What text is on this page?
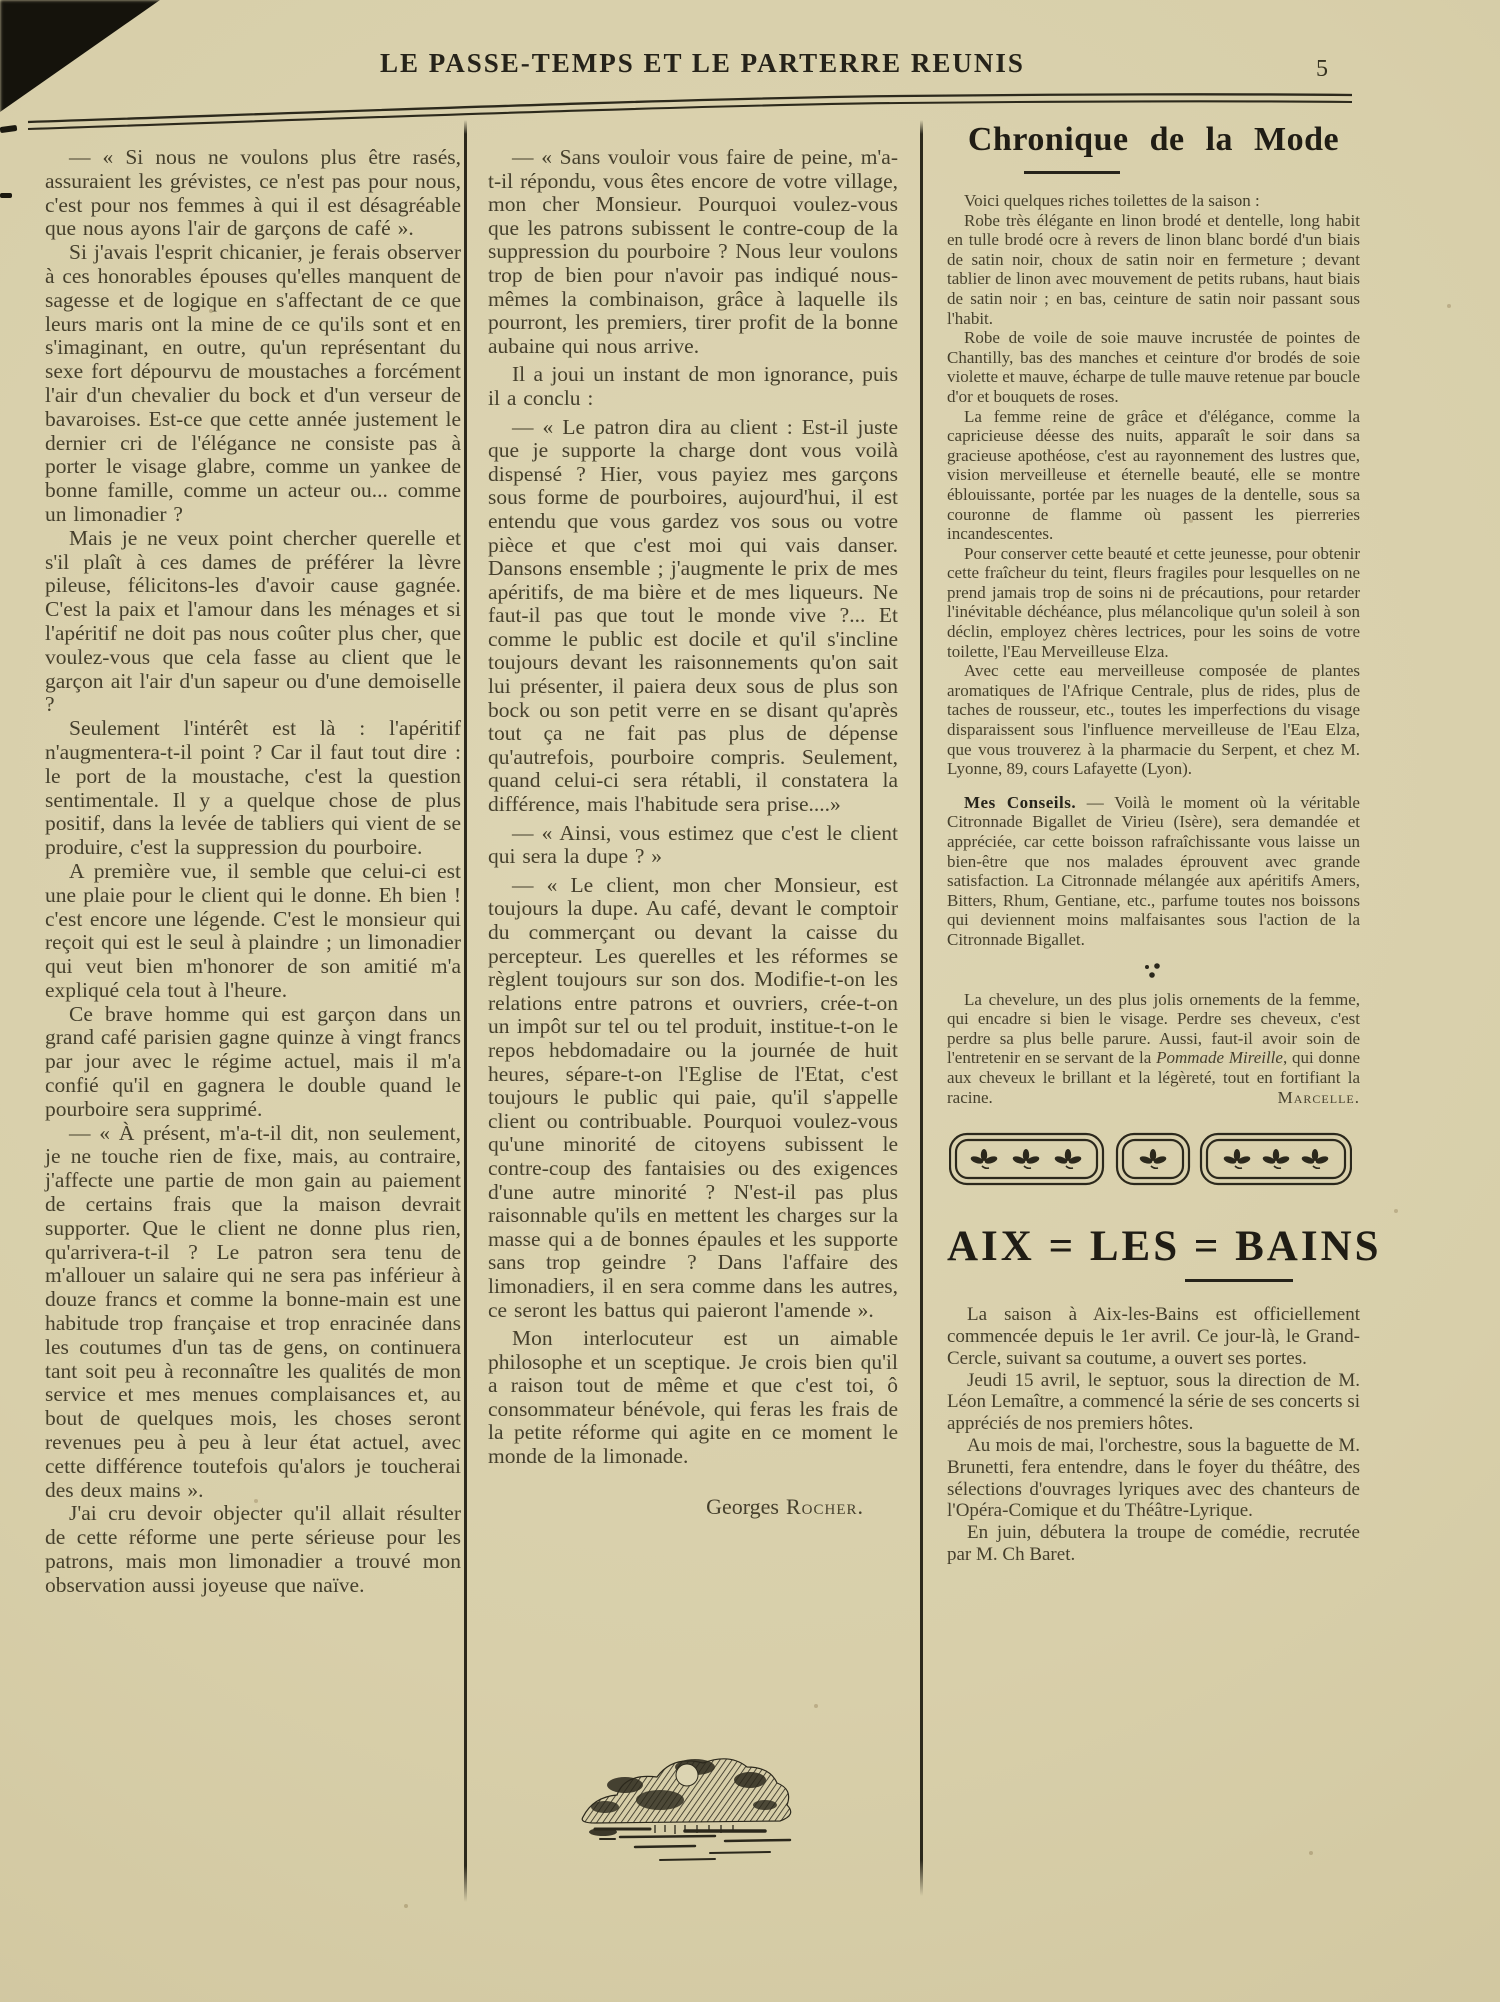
LE PASSE-TEMPS ET LE PARTERRE REUNIS	5

— « Si nous ne voulons plus être rasés, assuraient les grévistes, ce n'est pas pour nous, c'est pour nos femmes à qui il est désagréable que nous ayons l'air de garçons de café ».

Si j'avais l'esprit chicanier, je ferais observer à ces honorables épouses qu'elles manquent de sagesse et de logique en s'affectant de ce que leurs maris ont la mine de ce qu'ils sont et en s'imaginant, en outre, qu'un représentant du sexe fort dépourvu de moustaches a forcément l'air d'un chevalier du bock et d'un verseur de bavaroises. Est-ce que cette année justement le dernier cri de l'élégance ne consiste pas à porter le visage glabre, comme un yankee de bonne famille, comme un acteur ou... comme un limonadier ?

Mais je ne veux point chercher querelle et s'il plaît à ces dames de préférer la lèvre pileuse, félicitons-les d'avoir cause gagnée. C'est la paix et l'amour dans les ménages et si l'apéritif ne doit pas nous coûter plus cher, que voulez-vous que cela fasse au client que le garçon ait l'air d'un sapeur ou d'une demoiselle ?

Seulement l'intérêt est là : l'apéritif n'augmentera-t-il point ? Car il faut tout dire : le port de la moustache, c'est la question sentimentale. Il y a quelque chose de plus positif, dans la levée de tabliers qui vient de se produire, c'est la suppression du pourboire.

A première vue, il semble que celui-ci est une plaie pour le client qui le donne. Eh bien ! c'est encore une légende. C'est le monsieur qui reçoit qui est le seul à plaindre ; un limonadier qui veut bien m'honorer de son amitié m'a expliqué cela tout à l'heure.

Ce brave homme qui est garçon dans un grand café parisien gagne quinze à vingt francs par jour avec le régime actuel, mais il m'a confié qu'il en gagnera le double quand le pourboire sera supprimé.

— « À présent, m'a-t-il dit, non seulement, je ne touche rien de fixe, mais, au contraire, j'affecte une partie de mon gain au paiement de certains frais que la maison devrait supporter. Que le client ne donne plus rien, qu'arrivera-t-il ? Le patron sera tenu de m'allouer un salaire qui ne sera pas inférieur à douze francs et comme la bonne-main est une habitude trop française et trop enracinée dans les coutumes d'un tas de gens, on continuera tant soit peu à reconnaître les qualités de mon service et mes menues complaisances et, au bout de quelques mois, les choses seront revenues peu à peu à leur état actuel, avec cette différence toutefois qu'alors je toucherai des deux mains ».

J'ai cru devoir objecter qu'il allait résulter de cette réforme une perte sérieuse pour les patrons, mais mon limonadier a trouvé mon observation aussi joyeuse que naïve.

— « Sans vouloir vous faire de peine, m'a-t-il répondu, vous êtes encore de votre village, mon cher Monsieur. Pourquoi voulez-vous que les patrons subissent le contre-coup de la suppression du pourboire ? Nous leur voulons trop de bien pour n'avoir pas indiqué nous-mêmes la combinaison, grâce à laquelle ils pourront, les premiers, tirer profit de la bonne aubaine qui nous arrive.

Il a joui un instant de mon ignorance, puis il a conclu :

— « Le patron dira au client : Est-il juste que je supporte la charge dont vous voilà dispensé ? Hier, vous payiez mes garçons sous forme de pourboires, aujourd'hui, il est entendu que vous gardez vos sous ou votre pièce et que c'est moi qui vais danser. Dansons ensemble ; j'augmente le prix de mes apéritifs, de ma bière et de mes liqueurs. Ne faut-il pas que tout le monde vive ?... Et comme le public est docile et qu'il s'incline toujours devant les raisonnements qu'on sait lui présenter, il paiera deux sous de plus son bock ou son petit verre en se disant qu'après tout ça ne fait pas plus de dépense qu'autrefois, pourboire compris. Seulement, quand celui-ci sera rétabli, il constatera la différence, mais l'habitude sera prise....»

— « Ainsi, vous estimez que c'est le client qui sera la dupe ? »

— « Le client, mon cher Monsieur, est toujours la dupe. Au café, devant le comptoir du commerçant ou devant la caisse du percepteur. Les querelles et les réformes se règlent toujours sur son dos. Modifie-t-on les relations entre patrons et ouvriers, crée-t-on un impôt sur tel ou tel produit, institue-t-on le repos hebdomadaire ou la journée de huit heures, sépare-t-on l'Eglise de l'Etat, c'est toujours le public qui paie, qu'il s'appelle client ou contribuable. Pourquoi voulez-vous qu'une minorité de citoyens subissent le contre-coup des fantaisies ou des exigences d'une autre minorité ? N'est-il pas plus raisonnable qu'ils en mettent les charges sur la masse qui a de bonnes épaules et les supporte sans trop geindre ? Dans l'affaire des limonadiers, il en sera comme dans les autres, ce seront les battus qui paieront l'amende ».

Mon interlocuteur est un aimable philosophe et un sceptique. Je crois bien qu'il a raison tout de même et que c'est toi, ô consommateur bénévole, qui feras les frais de la petite réforme qui agite en ce moment le monde de la limonade.

Georges Rocher.
Chronique de la Mode

Voici quelques riches toilettes de la saison :

Robe très élégante en linon brodé et dentelle, long habit en tulle brodé ocre à revers de linon blanc bordé d'un biais de satin noir, choux de satin noir en fermeture ; devant tablier de linon avec mouvement de petits rubans, haut biais de satin noir ; en bas, ceinture de satin noir passant sous l'habit.

Robe de voile de soie mauve incrustée de pointes de Chantilly, bas des manches et ceinture d'or brodés de soie violette et mauve, écharpe de tulle mauve retenue par boucle d'or et bouquets de roses.

La femme reine de grâce et d'élégance, comme la capricieuse déesse des nuits, apparaît le soir dans sa gracieuse apothéose, c'est au rayonnement des lustres que, vision merveilleuse et éternelle beauté, elle se montre éblouissante, portée par les nuages de la dentelle, sous sa couronne de flamme où passent les pierreries incandescentes.

Pour conserver cette beauté et cette jeunesse, pour obtenir cette fraîcheur du teint, fleurs fragiles pour lesquelles on ne prend jamais trop de soins ni de précautions, pour retarder l'inévitable déchéance, plus mélancolique qu'un soleil à son déclin, employez chères lectrices, pour les soins de votre toilette, l'Eau Merveilleuse Elza.

Avec cette eau merveilleuse composée de plantes aromatiques de l'Afrique Centrale, plus de rides, plus de taches de rousseur, etc., toutes les imperfections du visage disparaissent sous l'influence merveilleuse de l'Eau Elza, que vous trouverez à la pharmacie du Serpent, et chez M. Lyonne, 89, cours Lafayette (Lyon).

Mes Conseils. — Voilà le moment où la véritable Citronnade Bigallet de Virieu (Isère), sera demandée et appréciée, car cette boisson rafraîchissante vous laisse un bien-être que nos malades éprouvent avec grande satisfaction. La Citronnade mélangée aux apéritifs Amers, Bitters, Rhum, Gentiane, etc., parfume toutes nos boissons qui deviennent moins malfaisantes sous l'action de la Citronnade Bigallet.

La chevelure, un des plus jolis ornements de la femme, qui encadre si bien le visage. Perdre ses cheveux, c'est perdre sa plus belle parure. Aussi, faut-il avoir soin de l'entretenir en se servant de la Pommade Mireille, qui donne aux cheveux le brillant et la légèreté, tout en fortifiant la racine.	Marcelle.

AIX = LES = BAINS

La saison à Aix-les-Bains est officiellement commencée depuis le 1er avril. Ce jour-là, le Grand-Cercle, suivant sa coutume, a ouvert ses portes.

Jeudi 15 avril, le septuor, sous la direction de M. Léon Lemaître, a commencé la série de ses concerts si appréciés de nos premiers hôtes.

Au mois de mai, l'orchestre, sous la baguette de M. Brunetti, fera entendre, dans le foyer du théâtre, des sélections d'ouvrages lyriques avec des chanteurs de l'Opéra-Comique et du Théâtre-Lyrique.

En juin, débutera la troupe de comédie, recrutée par M. Ch Baret.
